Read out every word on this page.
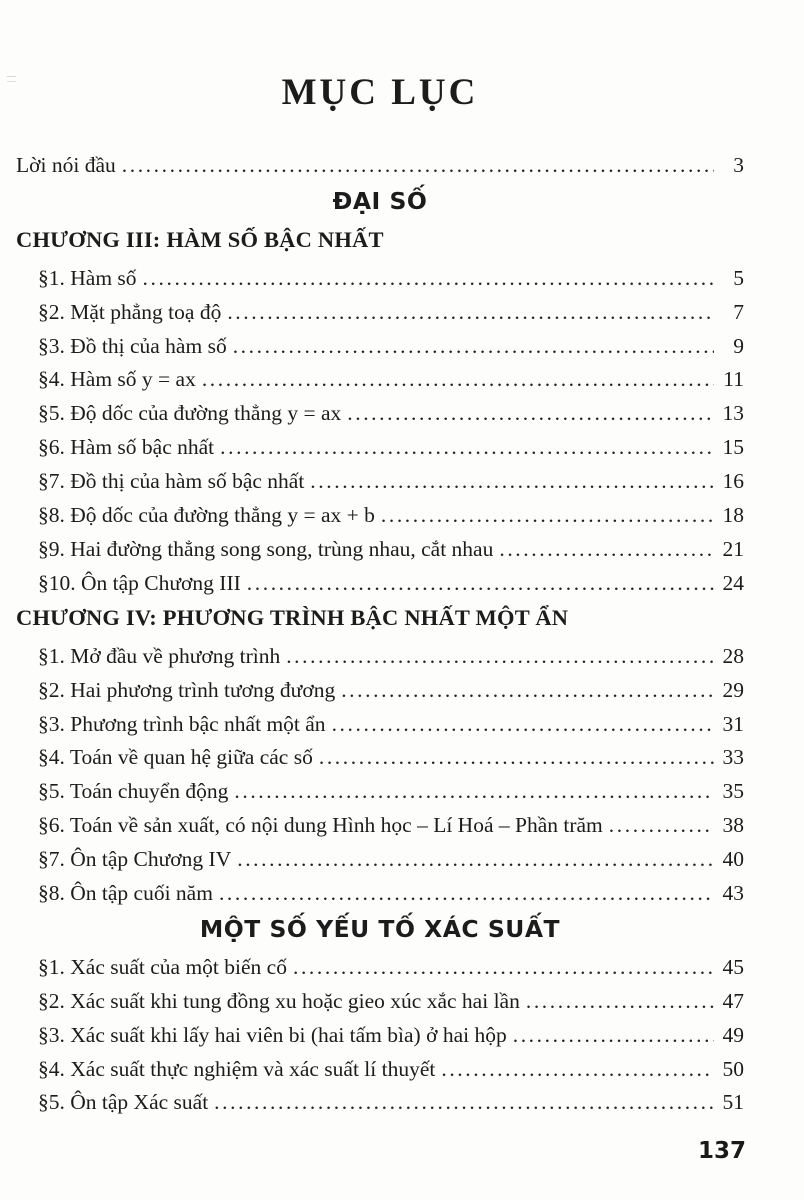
MỤC LỤC
Lời nói đầu .....	3
ĐẠI SỐ
CHƯƠNG III: HÀM SỐ BẬC NHẤT
§1. Hàm số .....	5
§2. Mặt phẳng toạ độ .....	7
§3. Đồ thị của hàm số .....	9
§4. Hàm số y = ax .....	11
§5. Độ dốc của đường thẳng y = ax .....	13
§6. Hàm số bậc nhất .....	15
§7. Đồ thị của hàm số bậc nhất .....	16
§8. Độ dốc của đường thẳng y = ax + b .....	18
§9. Hai đường thẳng song song, trùng nhau, cắt nhau .....	21
§10. Ôn tập Chương III .....	24
CHƯƠNG IV: PHƯƠNG TRÌNH BẬC NHẤT MỘT ẨN
§1. Mở đầu về phương trình .....	28
§2. Hai phương trình tương đương .....	29
§3. Phương trình bậc nhất một ẩn .....	31
§4. Toán về quan hệ giữa các số .....	33
§5. Toán chuyển động .....	35
§6. Toán về sản xuất, có nội dung Hình học – Lí Hoá – Phần trăm .....	38
§7. Ôn tập Chương IV .....	40
§8. Ôn tập cuối năm .....	43
MỘT SỐ YẾU TỐ XÁC SUẤT
§1. Xác suất của một biến cố .....	45
§2. Xác suất khi tung đồng xu hoặc gieo xúc xắc hai lần .....	47
§3. Xác suất khi lấy hai viên bi (hai tấm bìa) ở hai hộp .....	49
§4. Xác suất thực nghiệm và xác suất lí thuyết .....	50
§5. Ôn tập Xác suất .....	51
137
